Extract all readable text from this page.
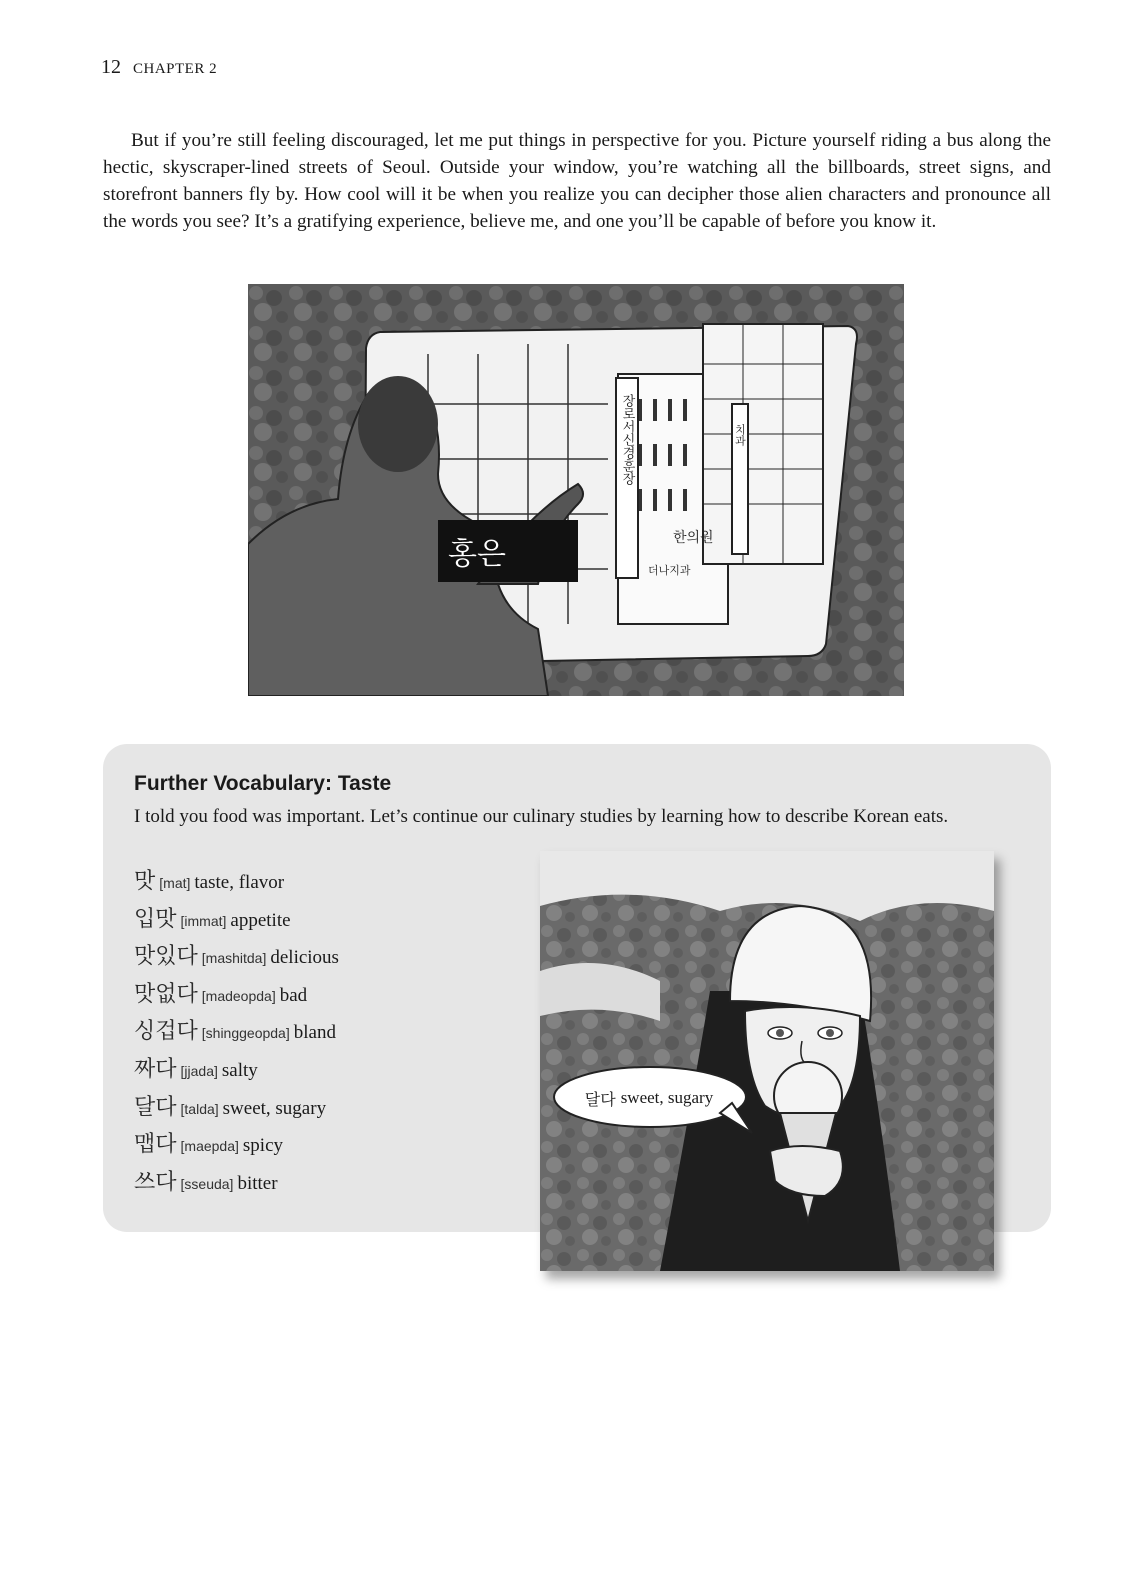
12 CHAPTER 2

But if you’re still feeling discouraged, let me put things in perspective for you. Picture yourself riding a bus along the hectic, skyscraper-lined streets of Seoul. Outside your window, you’re watching all the billboards, street signs, and storefront banners fly by. How cool will it be when you realize you can decipher those alien characters and pronounce all the words you see? It’s a gratifying experience, believe me, and one you’ll be capable of before you know it.

장로서신경훈장	치과
한의원
더나지과
홍은
Further Vocabulary: Taste

I told you food was important. Let’s continue our culinary studies by learning how to describe Korean eats.

맛 [mat] taste, flavor
입맛 [immat] appetite
맛있다 [mashitda] delicious
맛없다 [madeopda] bad
싱겁다 [shinggeopda] bland
짜다 [jjada] salty
달다 [talda] sweet, sugary
맵다 [maepda] spicy
쓰다 [sseuda] bitter
달다 sweet, sugary
